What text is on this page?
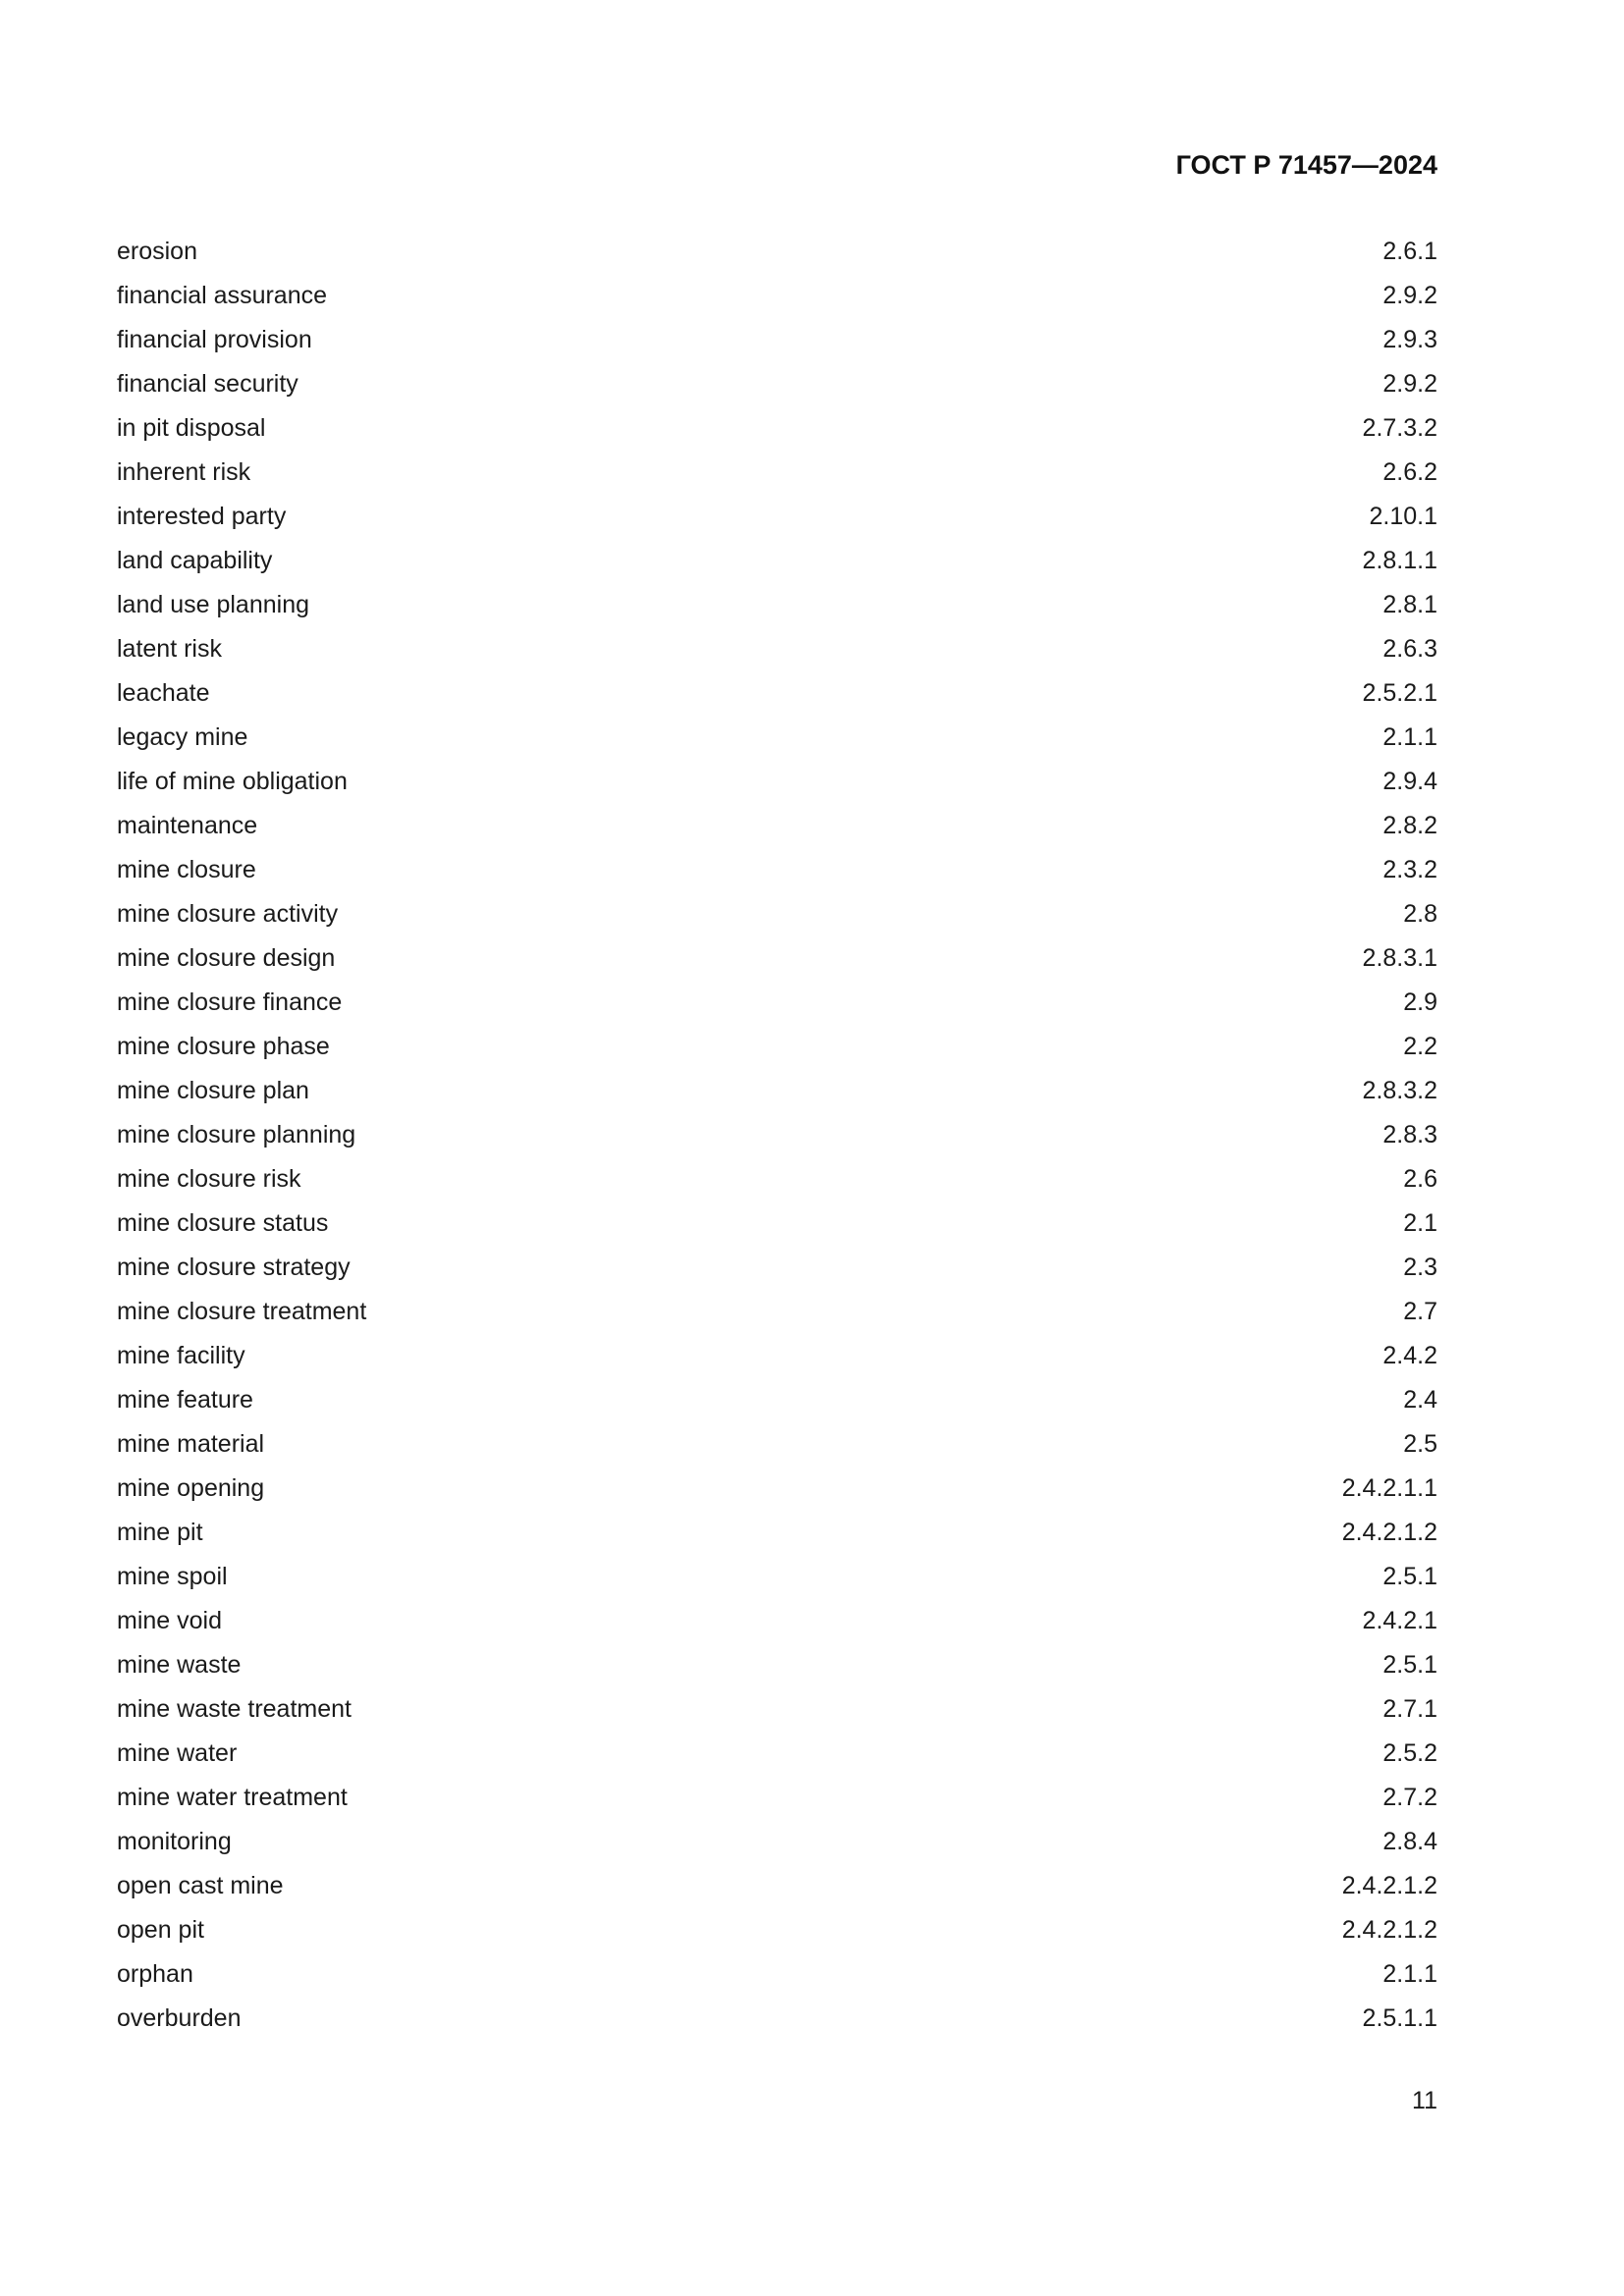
ГОСТ Р 71457—2024
erosion	2.6.1
financial assurance	2.9.2
financial provision	2.9.3
financial security	2.9.2
in pit disposal	2.7.3.2
inherent risk	2.6.2
interested party	2.10.1
land capability	2.8.1.1
land use planning	2.8.1
latent risk	2.6.3
leachate	2.5.2.1
legacy mine	2.1.1
life of mine obligation	2.9.4
maintenance	2.8.2
mine closure	2.3.2
mine closure activity	2.8
mine closure design	2.8.3.1
mine closure finance	2.9
mine closure phase	2.2
mine closure plan	2.8.3.2
mine closure planning	2.8.3
mine closure risk	2.6
mine closure status	2.1
mine closure strategy	2.3
mine closure treatment	2.7
mine facility	2.4.2
mine feature	2.4
mine material	2.5
mine opening	2.4.2.1.1
mine pit	2.4.2.1.2
mine spoil	2.5.1
mine void	2.4.2.1
mine waste	2.5.1
mine waste treatment	2.7.1
mine water	2.5.2
mine water treatment	2.7.2
monitoring	2.8.4
open cast mine	2.4.2.1.2
open pit	2.4.2.1.2
orphan	2.1.1
overburden	2.5.1.1
11
